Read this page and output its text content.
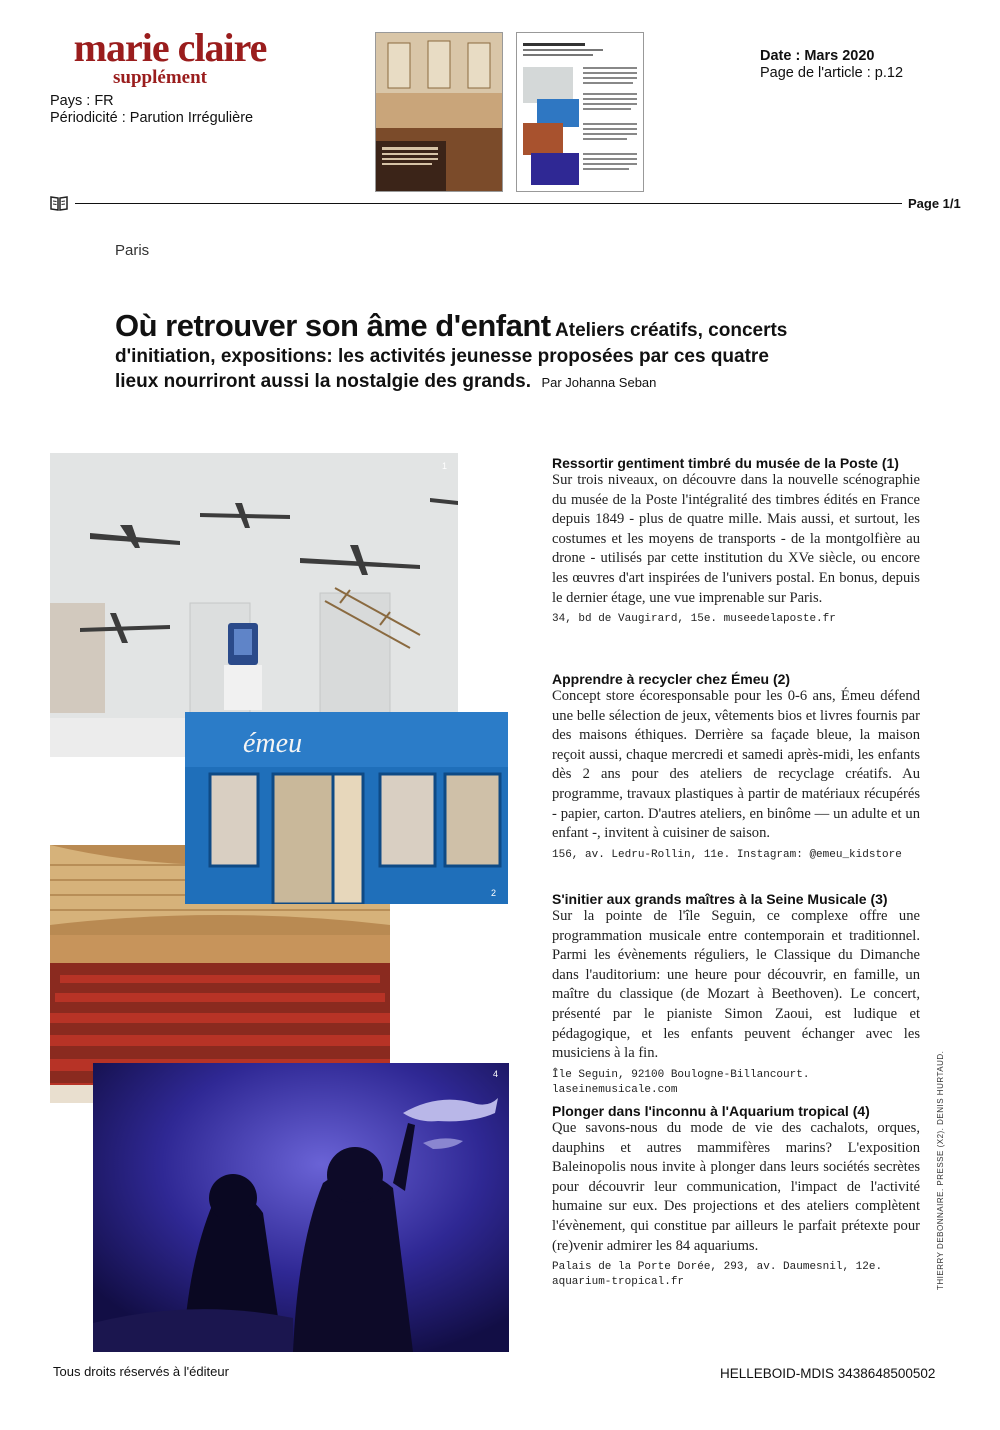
marie claire
supplément
Pays : FR
Périodicité : Parution Irrégulière
Date : Mars 2020
Page de l'article : p.12
Page 1/1
Paris
Où retrouver son âme d'enfant Ateliers créatifs, concerts d'initiation, expositions: les activités jeunesse proposées par ces quatre lieux nourriront aussi la nostalgie des grands. Par Johanna Seban
1
émeu
2
4
Ressortir gentiment timbré du musée de la Poste (1)
Sur trois niveaux, on découvre dans la nouvelle scénographie du musée de la Poste l'intégralité des timbres édités en France depuis 1849 - plus de quatre mille. Mais aussi, et surtout, les costumes et les moyens de transports - de la montgolfière au drone - utilisés par cette institution du XVe siècle, ou encore les œuvres d'art inspirées de l'univers postal. En bonus, depuis le dernier étage, une vue imprenable sur Paris.
34, bd de Vaugirard, 15e. museedelaposte.fr
Apprendre à recycler chez Émeu (2)
Concept store écoresponsable pour les 0-6 ans, Émeu défend une belle sélection de jeux, vêtements bios et livres fournis par des maisons éthiques. Derrière sa façade bleue, la maison reçoit aussi, chaque mercredi et samedi après-midi, les enfants dès 2 ans pour des ateliers de recyclage créatifs. Au programme, travaux plastiques à partir de matériaux récupérés - papier, carton. D'autres ateliers, en binôme — un adulte et un enfant -, invitent à cuisiner de saison.
156, av. Ledru-Rollin, 11e. Instagram: @emeu_kidstore
S'initier aux grands maîtres à la Seine Musicale (3)
Sur la pointe de l'île Seguin, ce complexe offre une programmation musicale entre contemporain et traditionnel. Parmi les évènements réguliers, le Classique du Dimanche dans l'auditorium: une heure pour découvrir, en famille, un maître du classique (de Mozart à Beethoven). Le concert, présenté par le pianiste Simon Zaoui, est ludique et pédagogique, et les enfants peuvent échanger avec les musiciens à la fin.
Île Seguin, 92100 Boulogne-Billancourt. laseinemusicale.com
Plonger dans l'inconnu à l'Aquarium tropical (4)
Que savons-nous du mode de vie des cachalots, orques, dauphins et autres mammifères marins? L'exposition Baleinopolis nous invite à plonger dans leurs sociétés secrètes pour découvrir leur communication, l'impact de l'activité humaine sur eux. Des projections et des ateliers complètent l'évènement, qui constitue par ailleurs le parfait prétexte pour (re)venir admirer les 84 aquariums.
Palais de la Porte Dorée, 293, av. Daumesnil, 12e. aquarium-tropical.fr	THIERRY DEBONNAIRE. PRESSE (X2). DENIS HURTAUD.
Tous droits réservés à l'éditeur	HELLEBOID-MDIS 3438648500502
